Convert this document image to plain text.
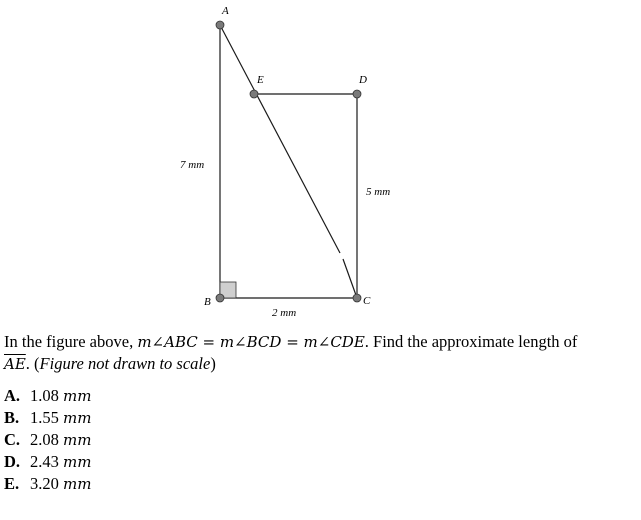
A
B	C
D
E
7 mm
2 mm
5 mm
In the figure above, m∠ABC = m∠BCD = m∠CDE. Find the approximate length of
$\overline{AE}$. (Figure not drawn to scale)
A. 1.08 mm
B. 1.55 mm
C. 2.08 mm
D. 2.43 mm
E. 3.20 mm
